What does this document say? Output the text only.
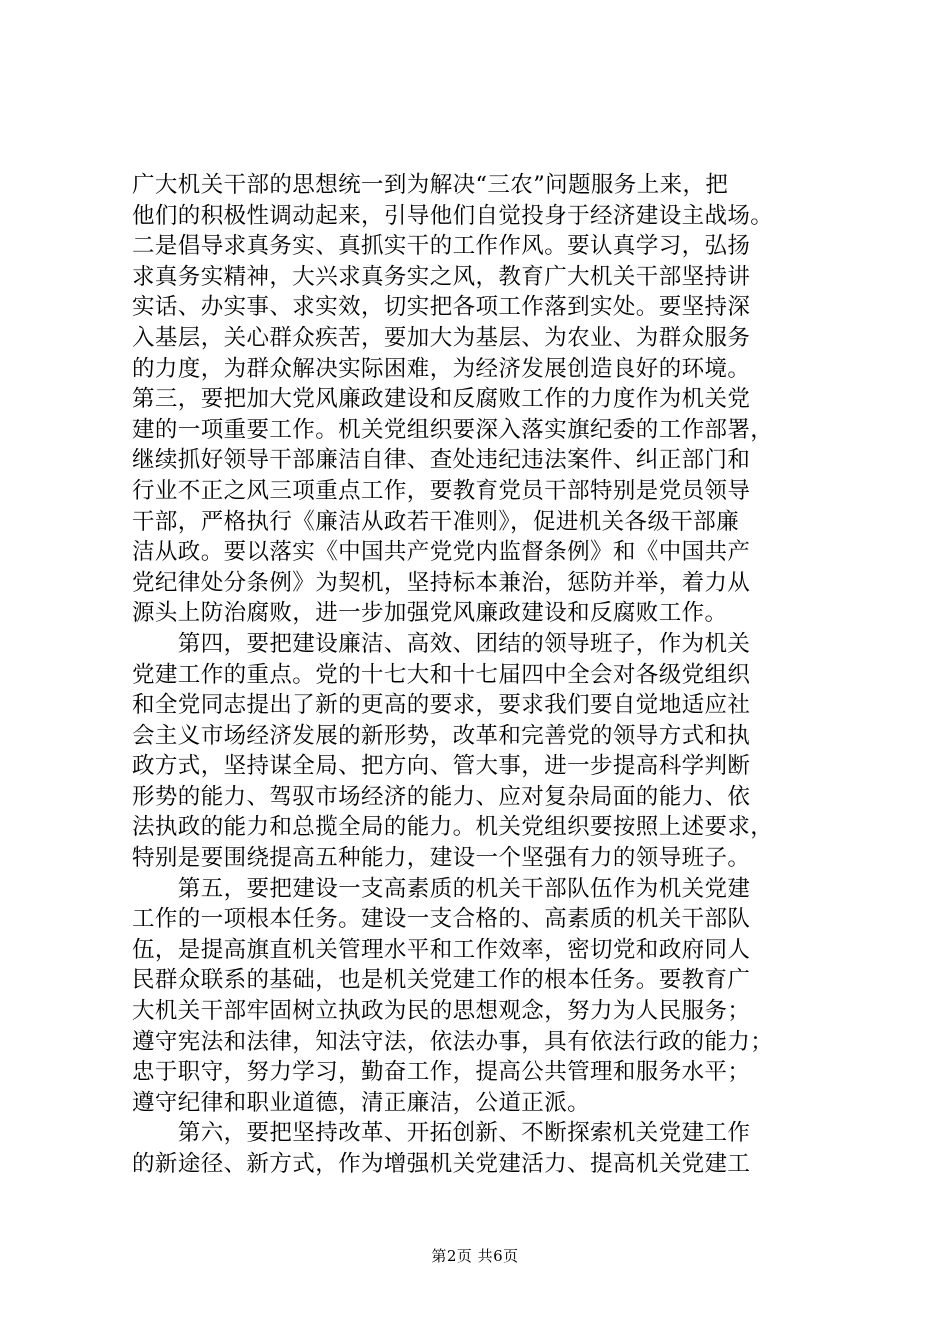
广大机关干部的思想统一到为解决“三农”问题服务上来，把
他们的积极性调动起来，引导他们自觉投身于经济建设主战场。
二是倡导求真务实、真抓实干的工作作风。要认真学习，弘扬
求真务实精神，大兴求真务实之风，教育广大机关干部坚持讲
实话、办实事、求实效，切实把各项工作落到实处。要坚持深
入基层，关心群众疾苦，要加大为基层、为农业、为群众服务
的力度，为群众解决实际困难，为经济发展创造良好的环境。
第三，要把加大党风廉政建设和反腐败工作的力度作为机关党
建的一项重要工作。机关党组织要深入落实旗纪委的工作部署，
继续抓好领导干部廉洁自律、查处违纪违法案件、纠正部门和
行业不正之风三项重点工作，要教育党员干部特别是党员领导
干部，严格执行《廉洁从政若干准则》，促进机关各级干部廉
洁从政。要以落实《中国共产党党内监督条例》和《中国共产
党纪律处分条例》为契机，坚持标本兼治，惩防并举，着力从
源头上防治腐败，进一步加强党风廉政建设和反腐败工作。
　　第四，要把建设廉洁、高效、团结的领导班子，作为机关
党建工作的重点。党的十七大和十七届四中全会对各级党组织
和全党同志提出了新的更高的要求，要求我们要自觉地适应社
会主义市场经济发展的新形势，改革和完善党的领导方式和执
政方式，坚持谋全局、把方向、管大事，进一步提高科学判断
形势的能力、驾驭市场经济的能力、应对复杂局面的能力、依
法执政的能力和总揽全局的能力。机关党组织要按照上述要求，
特别是要围绕提高五种能力，建设一个坚强有力的领导班子。
　　第五，要把建设一支高素质的机关干部队伍作为机关党建
工作的一项根本任务。建设一支合格的、高素质的机关干部队
伍，是提高旗直机关管理水平和工作效率，密切党和政府同人
民群众联系的基础，也是机关党建工作的根本任务。要教育广
大机关干部牢固树立执政为民的思想观念，努力为人民服务；
遵守宪法和法律，知法守法，依法办事，具有依法行政的能力；
忠于职守，努力学习，勤奋工作，提高公共管理和服务水平；
遵守纪律和职业道德，清正廉洁，公道正派。
　　第六，要把坚持改革、开拓创新、不断探索机关党建工作
的新途径、新方式，作为增强机关党建活力、提高机关党建工
第2页 共6页
